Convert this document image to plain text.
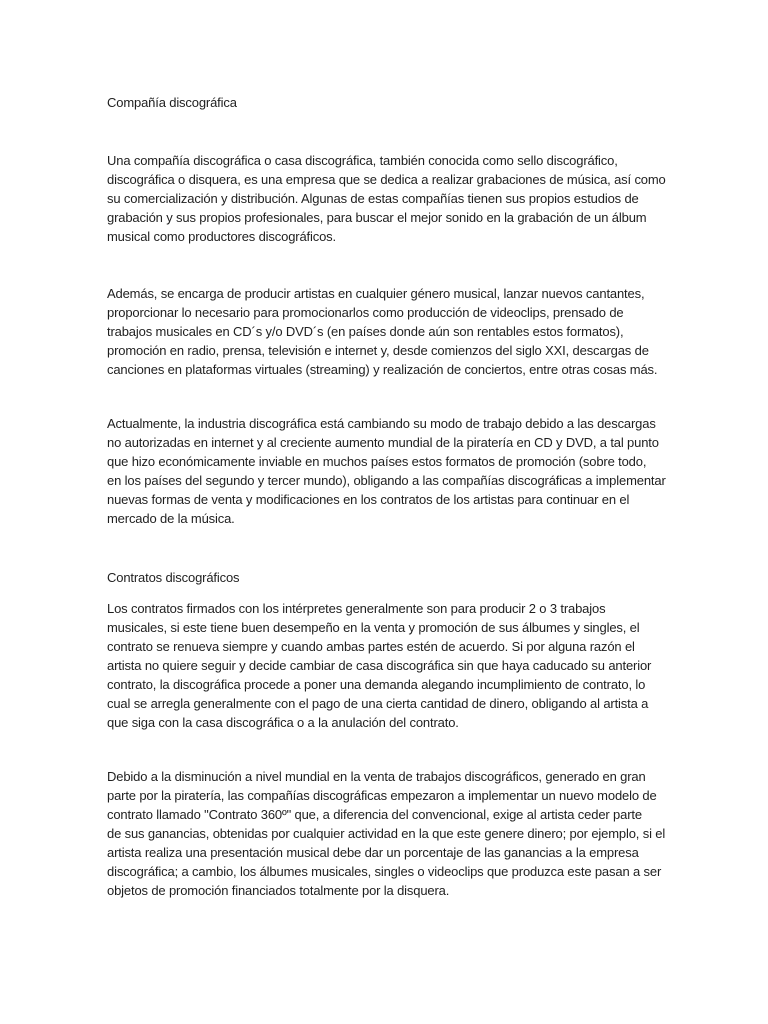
Compañía discográfica

Una compañía discográfica o casa discográfica, también conocida como sello discográfico,
discográfica o disquera, es una empresa que se dedica a realizar grabaciones de música, así como
su comercialización y distribución. Algunas de estas compañías tienen sus propios estudios de
grabación y sus propios profesionales, para buscar el mejor sonido en la grabación de un álbum
musical como productores discográficos.

Además, se encarga de producir artistas en cualquier género musical, lanzar nuevos cantantes,
proporcionar lo necesario para promocionarlos como producción de videoclips, prensado de
trabajos musicales en CD´s y/o DVD´s (en países donde aún son rentables estos formatos),
promoción en radio, prensa, televisión e internet y, desde comienzos del siglo XXI, descargas de
canciones en plataformas virtuales (streaming) y realización de conciertos, entre otras cosas más.

Actualmente, la industria discográfica está cambiando su modo de trabajo debido a las descargas
no autorizadas en internet y al creciente aumento mundial de la piratería en CD y DVD, a tal punto
que hizo económicamente inviable en muchos países estos formatos de promoción (sobre todo,
en los países del segundo y tercer mundo), obligando a las compañías discográficas a implementar
nuevas formas de venta y modificaciones en los contratos de los artistas para continuar en el
mercado de la música.

Contratos discográficos

Los contratos firmados con los intérpretes generalmente son para producir 2 o 3 trabajos
musicales, si este tiene buen desempeño en la venta y promoción de sus álbumes y singles, el
contrato se renueva siempre y cuando ambas partes estén de acuerdo. Si por alguna razón el
artista no quiere seguir y decide cambiar de casa discográfica sin que haya caducado su anterior
contrato, la discográfica procede a poner una demanda alegando incumplimiento de contrato, lo
cual se arregla generalmente con el pago de una cierta cantidad de dinero, obligando al artista a
que siga con la casa discográfica o a la anulación del contrato.

Debido a la disminución a nivel mundial en la venta de trabajos discográficos, generado en gran
parte por la piratería, las compañías discográficas empezaron a implementar un nuevo modelo de
contrato llamado "Contrato 360º" que, a diferencia del convencional, exige al artista ceder parte
de sus ganancias, obtenidas por cualquier actividad en la que este genere dinero; por ejemplo, si el
artista realiza una presentación musical debe dar un porcentaje de las ganancias a la empresa
discográfica; a cambio, los álbumes musicales, singles o videoclips que produzca este pasan a ser
objetos de promoción financiados totalmente por la disquera.
